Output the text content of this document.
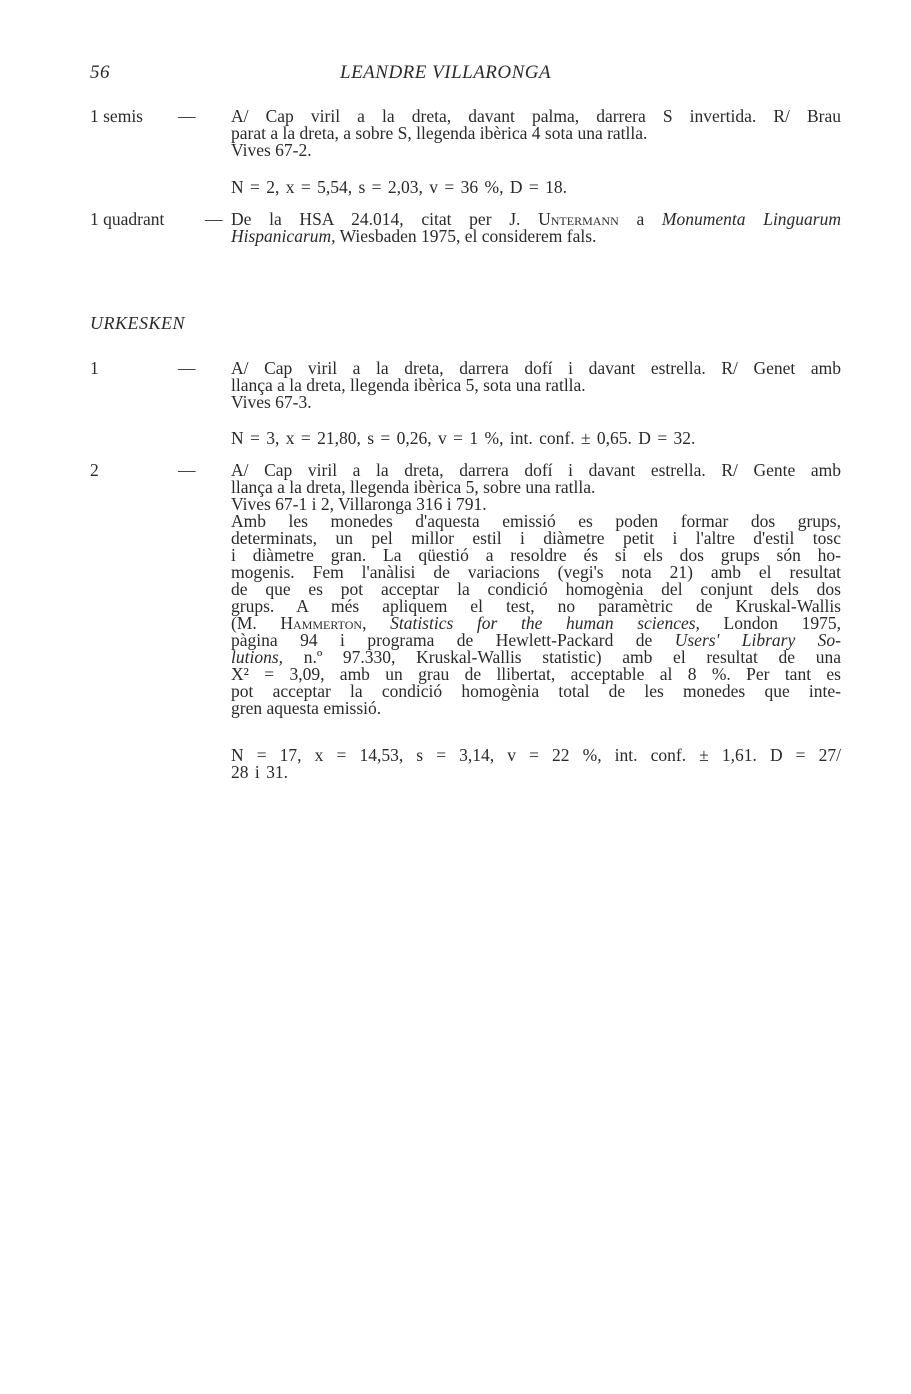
56	LEANDRE VILLARONGA
1 semis — A/ Cap viril a la dreta, davant palma, darrera S invertida. R/ Brau
parat a la dreta, a sobre S, llegenda ibèrica 4 sota una ratlla.
Vives 67-2.
N = 2, x = 5,54, s = 2,03, v = 36 %, D = 18.
1 quadrant — De la HSA 24.014, citat per J. Untermann a Monumenta Linguarum
Hispanicarum, Wiesbaden 1975, el considerem fals.
URKESKEN
1	— A/ Cap viril a la dreta, darrera dofí i davant estrella. R/ Genet amb
llança a la dreta, llegenda ibèrica 5, sota una ratlla.
Vives 67-3.
N = 3, x = 21,80, s = 0,26, v = 1 %, int. conf. ± 0,65. D = 32.
2	— A/ Cap viril a la dreta, darrera dofí i davant estrella. R/ Gente amb
llança a la dreta, llegenda ibèrica 5, sobre una ratlla.
Vives 67-1 i 2, Villaronga 316 i 791.
Amb les monedes d'aquesta emissió es poden formar dos grups,
determinats, un pel millor estil i diàmetre petit i l'altre d'estil tosc
i diàmetre gran. La qüestió a resoldre és si els dos grups són ho-
mogenis. Fem l'anàlisi de variacions (vegi's nota 21) amb el resultat
de que es pot acceptar la condició homogènia del conjunt dels dos
grups. A més apliquem el test, no paramètric de Kruskal-Wallis
(M. Hammerton, Statistics for the human sciences, London 1975,
pàgina 94 i programa de Hewlett-Packard de Users' Library So-
lutions, n.º 97.330, Kruskal-Wallis statistic) amb el resultat de una
X² = 3,09, amb un grau de llibertat, acceptable al 8 %. Per tant es
pot acceptar la condició homogènia total de les monedes que inte-
gren aquesta emissió.
N = 17, x = 14,53, s = 3,14, v = 22 %, int. conf. ± 1,61. D = 27/
28 i 31.
